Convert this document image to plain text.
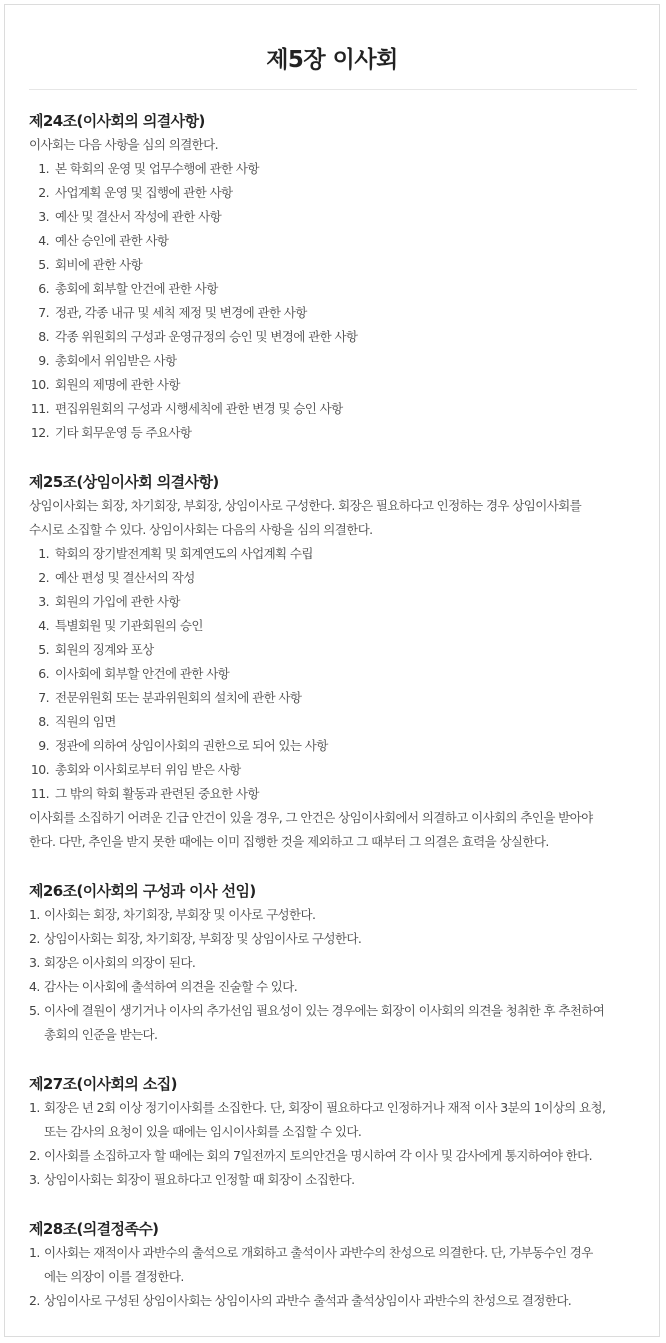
제5장 이사회
제24조(이사회의 의결사항)
이사회는 다음 사항을 심의 의결한다.
1. 본 학회의 운영 및 업무수행에 관한 사항
2. 사업계획 운영 및 집행에 관한 사항
3. 예산 및 결산서 작성에 관한 사항
4. 예산 승인에 관한 사항
5. 회비에 관한 사항
6. 총회에 회부할 안건에 관한 사항
7. 정관, 각종 내규 및 세칙 제정 및 변경에 관한 사항
8. 각종 위원회의 구성과 운영규정의 승인 및 변경에 관한 사항
9. 총회에서 위임받은 사항
10. 회원의 제명에 관한 사항
11. 편집위원회의 구성과 시행세칙에 관한 변경 및 승인 사항
12. 기타 회무운영 등 주요사항
제25조(상임이사회 의결사항)
상임이사회는 회장, 차기회장, 부회장, 상임이사로 구성한다. 회장은 필요하다고 인정하는 경우 상임이사회를
수시로 소집할 수 있다. 상임이사회는 다음의 사항을 심의 의결한다.
1. 학회의 장기발전계획 및 회계연도의 사업계획 수립
2. 예산 편성 및 결산서의 작성
3. 회원의 가입에 관한 사항
4. 특별회원 및 기관회원의 승인
5. 회원의 징계와 포상
6. 이사회에 회부할 안건에 관한 사항
7. 전문위원회 또는 분과위원회의 설치에 관한 사항
8. 직원의 임면
9. 정관에 의하여 상임이사회의 권한으로 되어 있는 사항
10. 총회와 이사회로부터 위임 받은 사항
11. 그 밖의 학회 활동과 관련된 중요한 사항
이사회를 소집하기 어려운 긴급 안건이 있을 경우, 그 안건은 상임이사회에서 의결하고 이사회의 추인을 받아야
한다. 다만, 추인을 받지 못한 때에는 이미 집행한 것을 제외하고 그 때부터 그 의결은 효력을 상실한다.
제26조(이사회의 구성과 이사 선임)
1. 이사회는 회장, 차기회장, 부회장 및 이사로 구성한다.
2. 상임이사회는 회장, 차기회장, 부회장 및 상임이사로 구성한다.
3. 회장은 이사회의 의장이 된다.
4. 감사는 이사회에 출석하여 의견을 진술할 수 있다.
5. 이사에 결원이 생기거나 이사의 추가선임 필요성이 있는 경우에는 회장이 이사회의 의견을 청취한 후 추천하여
총회의 인준을 받는다.
제27조(이사회의 소집)
1. 회장은 년 2회 이상 정기이사회를 소집한다. 단, 회장이 필요하다고 인정하거나 재적 이사 3분의 1이상의 요청,
또는 감사의 요청이 있을 때에는 임시이사회를 소집할 수 있다.
2. 이사회를 소집하고자 할 때에는 회의 7일전까지 토의안건을 명시하여 각 이사 및 감사에게 통지하여야 한다.
3. 상임이사회는 회장이 필요하다고 인정할 때 회장이 소집한다.
제28조(의결정족수)
1. 이사회는 재적이사 과반수의 출석으로 개회하고 출석이사 과반수의 찬성으로 의결한다. 단, 가부동수인 경우
에는 의장이 이를 결정한다.
2. 상임이사로 구성된 상임이사회는 상임이사의 과반수 출석과 출석상임이사 과반수의 찬성으로 결정한다.
